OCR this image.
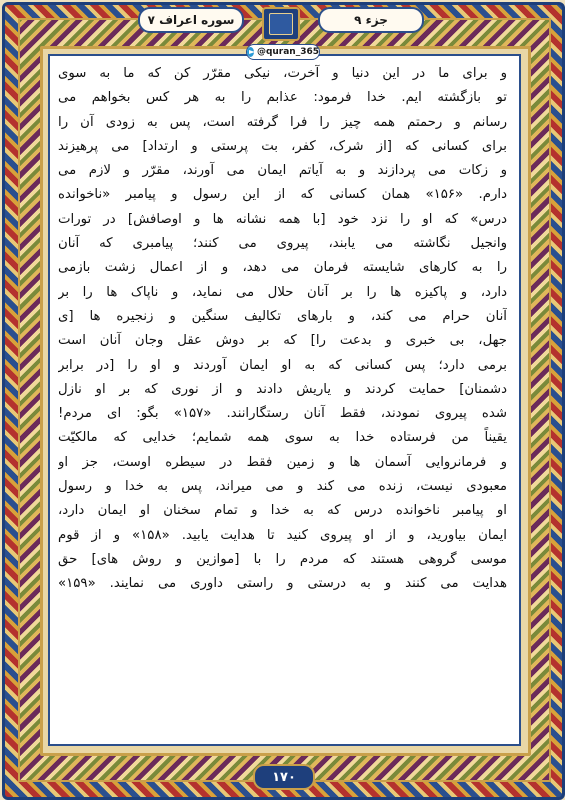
جزء ۹
سوره اعراف ۷
@quran_365
و برای ما در این دنیا و آخرت، نیکی مقرّر کن که ما به سوی
تو بازگشته ایم. خدا فرمود: عذابم را به هر کس بخواهم می
رسانم و رحمتم همه چیز را فرا گرفته است، پس به زودی آن را
برای کسانی که [از شرک، کفر، بت پرستی و ارتداد] می پرهیزند
و زکات می پردازند و به آیاتم ایمان می آورند، مقرّر و لازم می
دارم. «۱۵۶» همان کسانی که از این رسول و پیامبر «ناخوانده
درس» که او را نزد خود [با همه نشانه ها و اوصافش] در تورات
وانجیل نگاشته می یابند، پیروی می کنند؛ پیامبری که آنان
را به کارهای شایسته فرمان می دهد، و از اعمال زشت بازمی
دارد، و پاکیزه ها را بر آنان حلال می نماید، و ناپاک ها را بر
آنان حرام می کند، و بارهای تکالیف سنگین و زنجیره ها [ی
جهل، بی خبری و بدعت را] که بر دوش عقل وجان آنان است
برمی دارد؛ پس کسانی که به او ایمان آوردند و او را [در برابر
دشمنان] حمایت کردند و یاریش دادند و از نوری که بر او نازل
شده پیروی نمودند، فقط آنان رستگارانند. «۱۵۷» بگو: ای مردم!
یقیناً من فرستاده خدا به سوی همه شمایم؛ خدایی که مالکیّت
و فرمانروایی آسمان ها و زمین فقط در سیطره اوست، جز او
معبودی نیست، زنده می کند و می میراند، پس به خدا و رسول
او پیامبر ناخوانده درس که به خدا و تمام سخنان او ایمان دارد،
ایمان بیاورید، و از او پیروی کنید تا هدایت یابید. «۱۵۸» و از قوم
موسی گروهی هستند که مردم را با [موازین و روش های] حق
هدایت می کنند و به درستی و راستی داوری می نمایند. «۱۵۹»
۱۷۰
